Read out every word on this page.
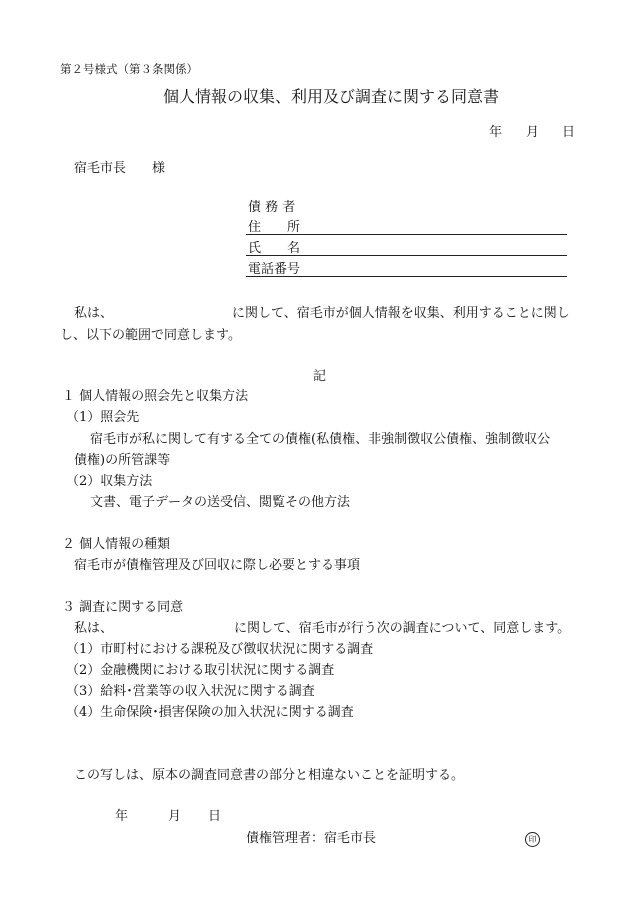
第２号様式（第３条関係）
個人情報の収集、利用及び調査に関する同意書
年 月 日
宿毛市長 様
債 務 者
住　　所
氏　　名
電話番号
私は、	に関して、宿毛市が個人情報を収集、利用することに関し
し、以下の範囲で同意します。
記
１ 個人情報の照会先と収集方法
（1）照会先
宿毛市が私に関して有する全ての債権(私債権、非強制徴収公債権、強制徴収公
債権)の所管課等
（2）収集方法
文書、電子データの送受信、閲覧その他方法
２ 個人情報の種類
宿毛市が債権管理及び回収に際し必要とする事項
３ 調査に関する同意
私は、	に関して、宿毛市が行う次の調査について、同意します。
（1）市町村における課税及び徴収状況に関する調査
（2）金融機関における取引状況に関する調査
（3）給料･営業等の収入状況に関する調査
（4）生命保険･損害保険の加入状況に関する調査
この写しは、原本の調査同意書の部分と相違ないことを証明する。
年	月 日
債権管理者：宿毛市長	印
